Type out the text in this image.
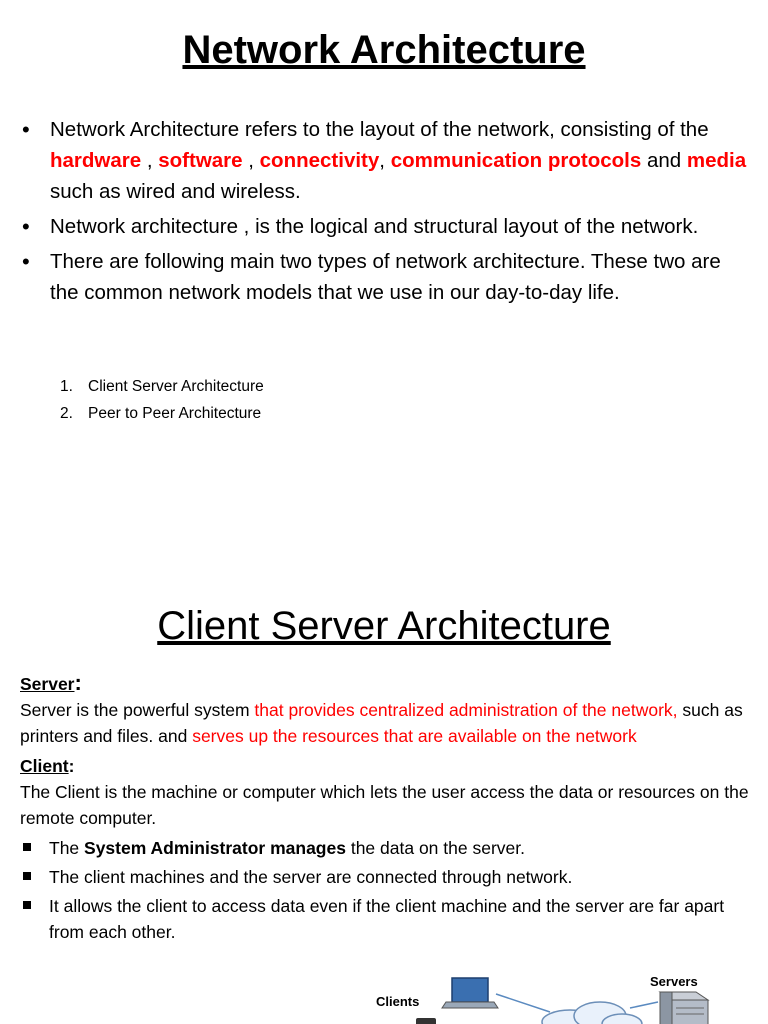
Network Architecture
• Network Architecture refers to the layout of the network, consisting of the hardware , software , connectivity, communication protocols and media such as wired and wireless.
• Network architecture , is the logical and structural layout of the network.
• There are following main two types of network architecture. These two are the common network models that we use in our day-to-day life.
1. Client Server Architecture
2. Peer to Peer Architecture
Client Server Architecture

Server:

Server is the powerful system that provides centralized administration of the network, such as printers and files. and serves up the resources that are available on the network

Client:

The Client is the machine or computer which lets the user access the data or resources on the remote computer.

The System Administrator manages the data on the server.
The client machines and the server are connected through network.
It allows the client to access data even if the client machine and the server are far apart from each other.
Clients
Servers
